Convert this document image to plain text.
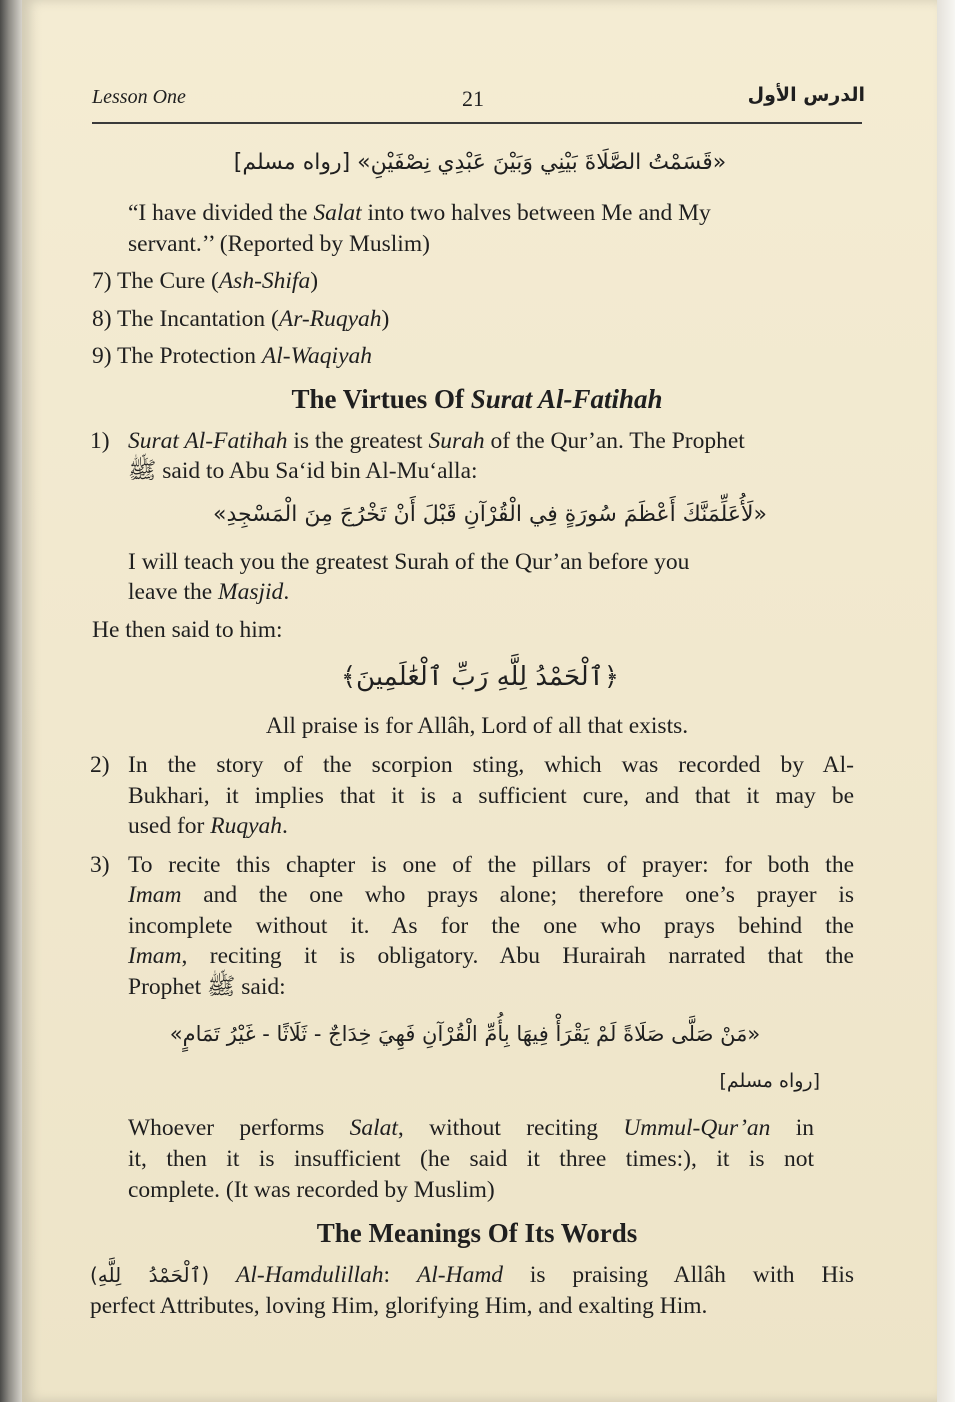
Lesson One	21	الدرس الأول

«قَسَمْتُ الصَّلَاةَ بَيْنِي وَبَيْنَ عَبْدِي نِصْفَيْنِ» [رواه مسلم]

“I have divided the Salat into two halves between Me and My

servant.’’ (Reported by Muslim)

7) The Cure (Ash-Shifa)

8) The Incantation (Ar-Ruqyah)

9) The Protection Al-Waqiyah

The Virtues Of Surat Al-Fatihah

1) Surat Al-Fatihah is the greatest Surah of the Qur’an. The Prophet

ﷺ said to Abu Sa‘id bin Al-Mu‘alla:

«لَأُعَلِّمَنَّكَ أَعْظَمَ سُورَةٍ فِي الْقُرْآنِ قَبْلَ أَنْ تَخْرُجَ مِنَ الْمَسْجِدِ»

I will teach you the greatest Surah of the Qur’an before you

leave the Masjid.

He then said to him:

﴿ٱلْحَمْدُ لِلَّهِ رَبِّ ٱلْعَٰلَمِينَ﴾

All praise is for Allâh, Lord of all that exists.

2) In the story of the scorpion sting, which was recorded by Al-

Bukhari, it implies that it is a sufficient cure, and that it may be

used for Ruqyah.

3) To recite this chapter is one of the pillars of prayer: for both the

Imam and the one who prays alone; therefore one’s prayer is

incomplete without it. As for the one who prays behind the

Imam, reciting it is obligatory. Abu Hurairah narrated that the

Prophet ﷺ said:

«مَنْ صَلَّى صَلَاةً لَمْ يَقْرَأْ فِيهَا بِأُمِّ الْقُرْآنِ فَهِيَ خِدَاجٌ - ثَلَاثًا - غَيْرُ تَمَامٍ»

[رواه مسلم]

Whoever performs Salat, without reciting Ummul-Qur’an in

it, then it is insufficient (he said it three times:), it is not

complete. (It was recorded by Muslim)

The Meanings Of Its Words

(ٱلْحَمْدُ لِلَّهِ) Al-Hamdulillah: Al-Hamd is praising Allâh with His

perfect Attributes, loving Him, glorifying Him, and exalting Him.
